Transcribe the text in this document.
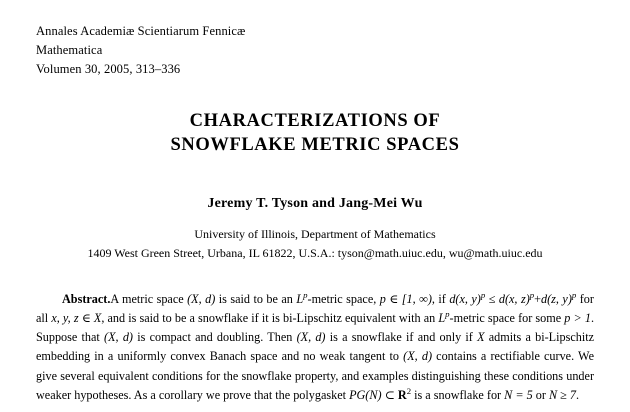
Annales Academiæ Scientiarum Fennicæ
Mathematica
Volumen 30, 2005, 313–336
CHARACTERIZATIONS OF
SNOWFLAKE METRIC SPACES
Jeremy T. Tyson and Jang-Mei Wu
University of Illinois, Department of Mathematics
1409 West Green Street, Urbana, IL 61822, U.S.A.: tyson@math.uiuc.edu, wu@math.uiuc.edu
Abstract.A metric space (X, d) is said to be an $L^p$-metric space, p ∈ [1, ∞), if d(x, y)$^p$ ≤ d(x, z)$^p$+d(z, y)$^p$ for all x, y, z ∈ X, and is said to be a snowflake if it is bi-Lipschitz equivalent with an $L^p$-metric space for some p > 1. Suppose that (X, d) is compact and doubling. Then (X, d) is a snowflake if and only if X admits a bi-Lipschitz embedding in a uniformly convex Banach space and no weak tangent to (X, d) contains a rectifiable curve. We give several equivalent conditions for the snowflake property, and examples distinguishing these conditions under weaker hypotheses. As a corollary we prove that the polygasket PG(N) ⊂ $R^2$ is a snowflake for N = 5 or N ≥ 7.
